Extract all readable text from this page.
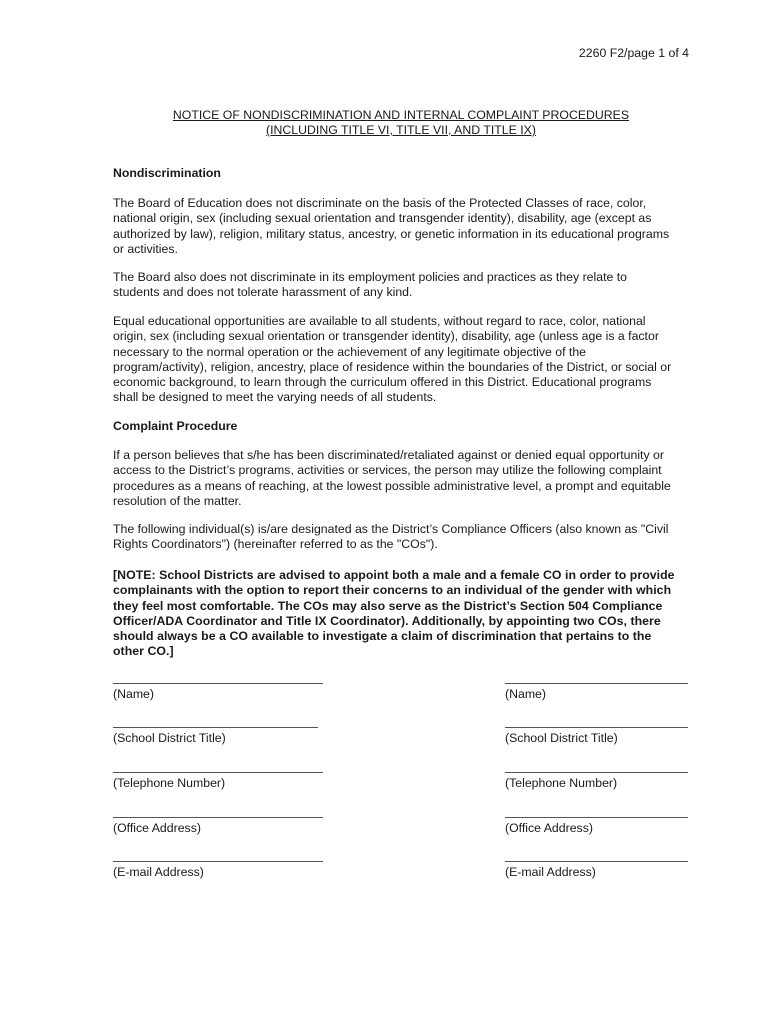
2260 F2/page 1 of 4
NOTICE OF NONDISCRIMINATION AND INTERNAL COMPLAINT PROCEDURES
(INCLUDING TITLE VI, TITLE VII, AND TITLE IX)
Nondiscrimination
The Board of Education does not discriminate on the basis of the Protected Classes of race, color,
national origin, sex (including sexual orientation and transgender identity), disability, age (except as
authorized by law), religion, military status, ancestry, or genetic information in its educational programs
or activities.
The Board also does not discriminate in its employment policies and practices as they relate to
students and does not tolerate harassment of any kind.
Equal educational opportunities are available to all students, without regard to race, color, national
origin, sex (including sexual orientation or transgender identity), disability, age (unless age is a factor
necessary to the normal operation or the achievement of any legitimate objective of the
program/activity), religion, ancestry, place of residence within the boundaries of the District, or social or
economic background, to learn through the curriculum offered in this District. Educational programs
shall be designed to meet the varying needs of all students.
Complaint Procedure
If a person believes that s/he has been discriminated/retaliated against or denied equal opportunity or
access to the District’s programs, activities or services, the person may utilize the following complaint
procedures as a means of reaching, at the lowest possible administrative level, a prompt and equitable
resolution of the matter.
The following individual(s) is/are designated as the District’s Compliance Officers (also known as "Civil
Rights Coordinators") (hereinafter referred to as the "COs").
[NOTE: School Districts are advised to appoint both a male and a female CO in order to provide
complainants with the option to report their concerns to an individual of the gender with which
they feel most comfortable. The COs may also serve as the District’s Section 504 Compliance
Officer/ADA Coordinator and Title IX Coordinator). Additionally, by appointing two COs, there
should always be a CO available to investigate a claim of discrimination that pertains to the
other CO.]
(Name)
(School District Title)
(Telephone Number)
(Office Address)
(E-mail Address)
(Name)
(School District Title)
(Telephone Number)
(Office Address)
(E-mail Address)
